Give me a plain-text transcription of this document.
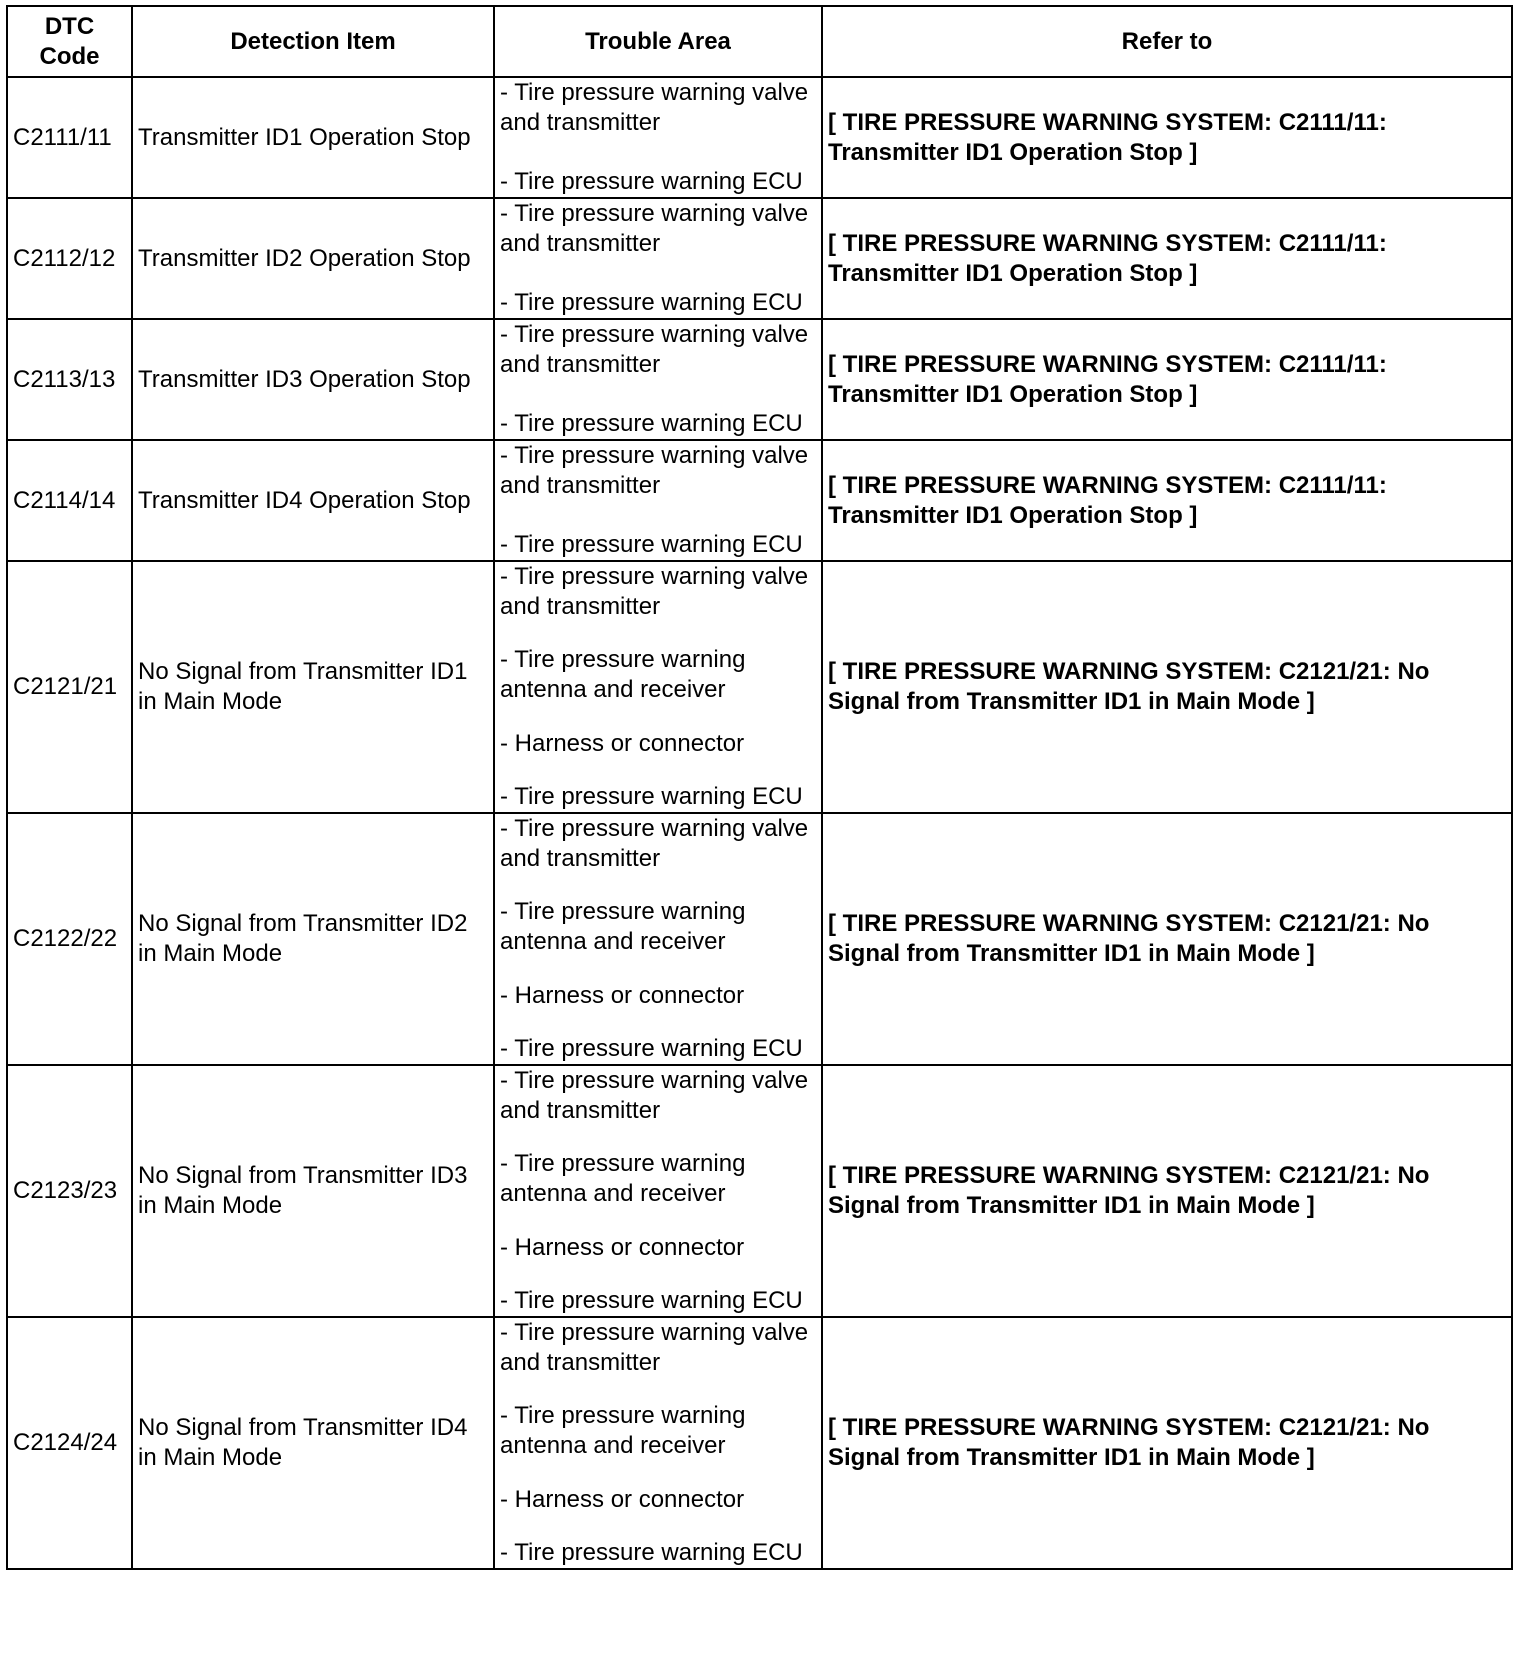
DTC Code	Detection Item	Trouble Area	Refer to
C2111/11	Transmitter ID1 Operation Stop	- Tire pressure warning valve and transmitter
- Tire pressure warning ECU	[ TIRE PRESSURE WARNING SYSTEM: C2111/11: Transmitter ID1 Operation Stop ]
C2112/12	Transmitter ID2 Operation Stop	- Tire pressure warning valve and transmitter
- Tire pressure warning ECU	[ TIRE PRESSURE WARNING SYSTEM: C2111/11: Transmitter ID1 Operation Stop ]
C2113/13	Transmitter ID3 Operation Stop	- Tire pressure warning valve and transmitter
- Tire pressure warning ECU	[ TIRE PRESSURE WARNING SYSTEM: C2111/11: Transmitter ID1 Operation Stop ]
C2114/14	Transmitter ID4 Operation Stop	- Tire pressure warning valve and transmitter
- Tire pressure warning ECU	[ TIRE PRESSURE WARNING SYSTEM: C2111/11: Transmitter ID1 Operation Stop ]
C2121/21	No Signal from Transmitter ID1 in Main Mode	- Tire pressure warning valve and transmitter
- Tire pressure warning antenna and receiver
- Harness or connector
- Tire pressure warning ECU	[ TIRE PRESSURE WARNING SYSTEM: C2121/21: No Signal from Transmitter ID1 in Main Mode ]
C2122/22	No Signal from Transmitter ID2 in Main Mode	- Tire pressure warning valve and transmitter
- Tire pressure warning antenna and receiver
- Harness or connector
- Tire pressure warning ECU	[ TIRE PRESSURE WARNING SYSTEM: C2121/21: No Signal from Transmitter ID1 in Main Mode ]
C2123/23	No Signal from Transmitter ID3 in Main Mode	- Tire pressure warning valve and transmitter
- Tire pressure warning antenna and receiver
- Harness or connector
- Tire pressure warning ECU	[ TIRE PRESSURE WARNING SYSTEM: C2121/21: No Signal from Transmitter ID1 in Main Mode ]
C2124/24	No Signal from Transmitter ID4 in Main Mode	- Tire pressure warning valve and transmitter
- Tire pressure warning antenna and receiver
- Harness or connector
- Tire pressure warning ECU	[ TIRE PRESSURE WARNING SYSTEM: C2121/21: No Signal from Transmitter ID1 in Main Mode ]
